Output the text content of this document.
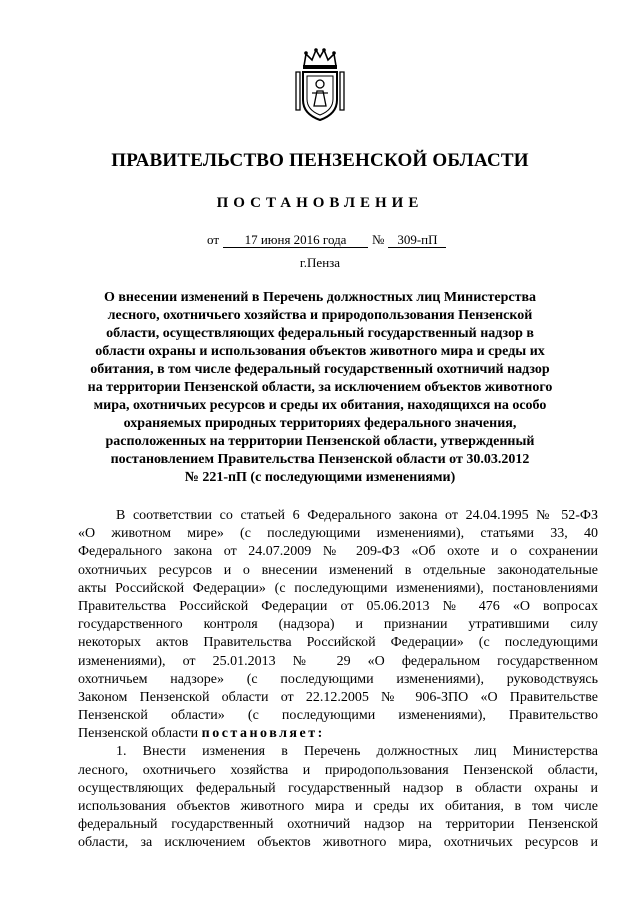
ПРАВИТЕЛЬСТВО ПЕНЗЕНСКОЙ ОБЛАСТИ
ПОСТАНОВЛЕНИЕ
от 17 июня 2016 года № 309-пП
г.Пенза
О внесении изменений в Перечень должностных лиц Министерства
лесного, охотничьего хозяйства и природопользования Пензенской
области, осуществляющих федеральный государственный надзор в
области охраны и использования объектов животного мира и среды их
обитания, в том числе федеральный государственный охотничий надзор
на территории Пензенской области, за исключением объектов животного
мира, охотничьих ресурсов и среды их обитания, находящихся на особо
охраняемых природных территориях федерального значения,
расположенных на территории Пензенской области, утвержденный
постановлением Правительства Пензенской области от 30.03.2012
№ 221-пП (с последующими изменениями)
В соответствии со статьей 6 Федерального закона от 24.04.1995 № 52-ФЗ
«О животном мире» (с последующими изменениями), статьями 33, 40
Федерального закона от 24.07.2009 № 209-ФЗ «Об охоте и о сохранении
охотничьих ресурсов и о внесении изменений в отдельные законодательные
акты Российской Федерации» (с последующими изменениями), постановлениями
Правительства Российской Федерации от 05.06.2013 № 476 «О вопросах
государственного контроля (надзора) и признании утратившими силу
некоторых актов Правительства Российской Федерации» (с последующими
изменениями), от 25.01.2013 № 29 «О федеральном государственном
охотничьем надзоре» (с последующими изменениями), руководствуясь
Законом Пензенской области от 22.12.2005 № 906-ЗПО «О Правительстве
Пензенской области» (с последующими изменениями), Правительство
Пензенской области постановляет:
1. Внести изменения в Перечень должностных лиц Министерства
лесного, охотничьего хозяйства и природопользования Пензенской области,
осуществляющих федеральный государственный надзор в области охраны и
использования объектов животного мира и среды их обитания, в том числе
федеральный государственный охотничий надзор на территории Пензенской
области, за исключением объектов животного мира, охотничьих ресурсов и
